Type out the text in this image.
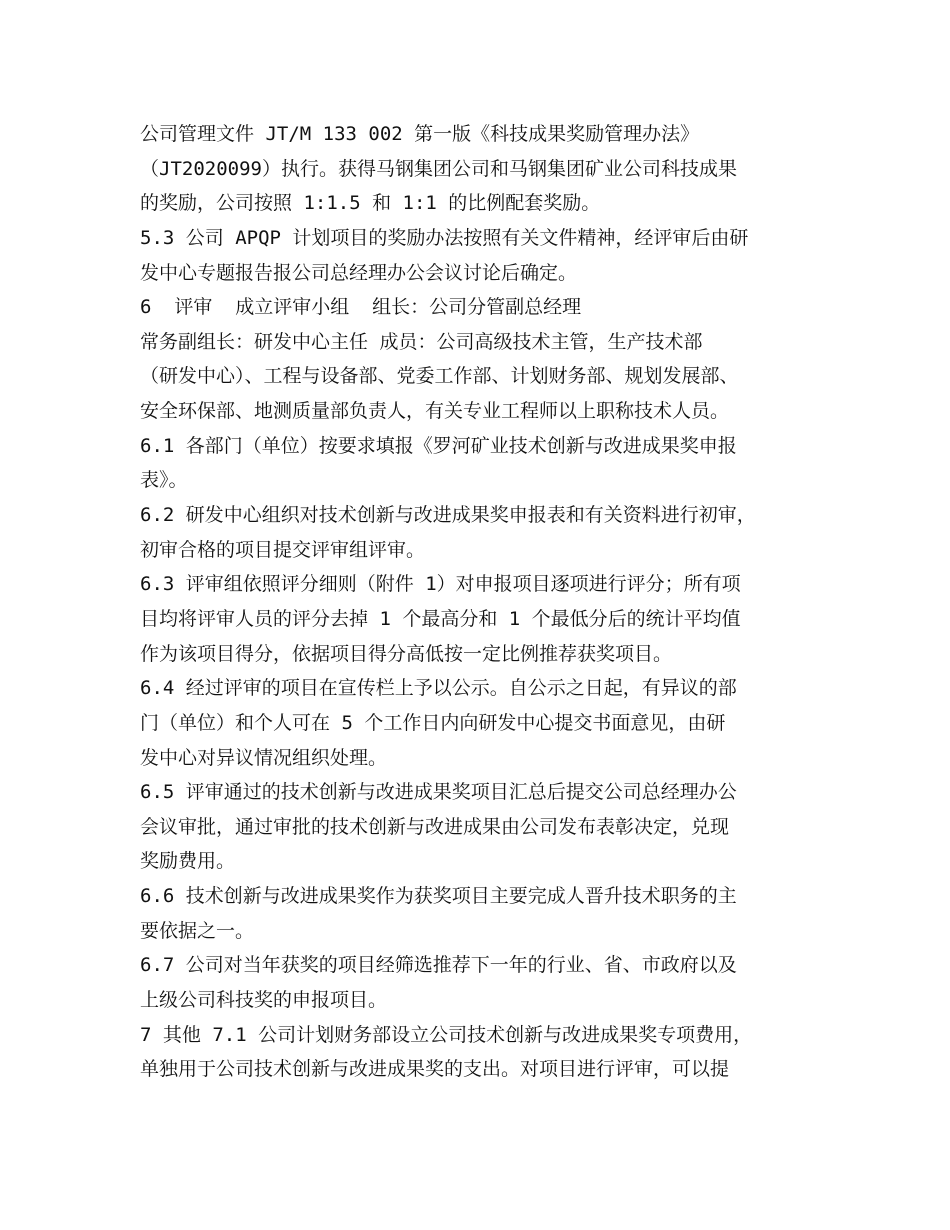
公司管理文件 JT/M 133 002 第一版《科技成果奖励管理办法》
（JT2020099）执行。获得马钢集团公司和马钢集团矿业公司科技成果
的奖励，公司按照 1:1.5 和 1:1 的比例配套奖励。
5.3 公司 APQP 计划项目的奖励办法按照有关文件精神，经评审后由研
发中心专题报告报公司总经理办公会议讨论后确定。
6  评审  成立评审小组  组长：公司分管副总经理
常务副组长：研发中心主任 成员：公司高级技术主管，生产技术部
（研发中心）、工程与设备部、党委工作部、计划财务部、规划发展部、
安全环保部、地测质量部负责人，有关专业工程师以上职称技术人员。
6.1 各部门（单位）按要求填报《罗河矿业技术创新与改进成果奖申报
表》。
6.2 研发中心组织对技术创新与改进成果奖申报表和有关资料进行初审，
初审合格的项目提交评审组评审。
6.3 评审组依照评分细则（附件 1）对申报项目逐项进行评分；所有项
目均将评审人员的评分去掉 1 个最高分和 1 个最低分后的统计平均值
作为该项目得分，依据项目得分高低按一定比例推荐获奖项目。
6.4 经过评审的项目在宣传栏上予以公示。自公示之日起，有异议的部
门（单位）和个人可在 5 个工作日内向研发中心提交书面意见，由研
发中心对异议情况组织处理。
6.5 评审通过的技术创新与改进成果奖项目汇总后提交公司总经理办公
会议审批，通过审批的技术创新与改进成果由公司发布表彰决定，兑现
奖励费用。
6.6 技术创新与改进成果奖作为获奖项目主要完成人晋升技术职务的主
要依据之一。
6.7 公司对当年获奖的项目经筛选推荐下一年的行业、省、市政府以及
上级公司科技奖的申报项目。
7 其他 7.1 公司计划财务部设立公司技术创新与改进成果奖专项费用，
单独用于公司技术创新与改进成果奖的支出。对项目进行评审，可以提
